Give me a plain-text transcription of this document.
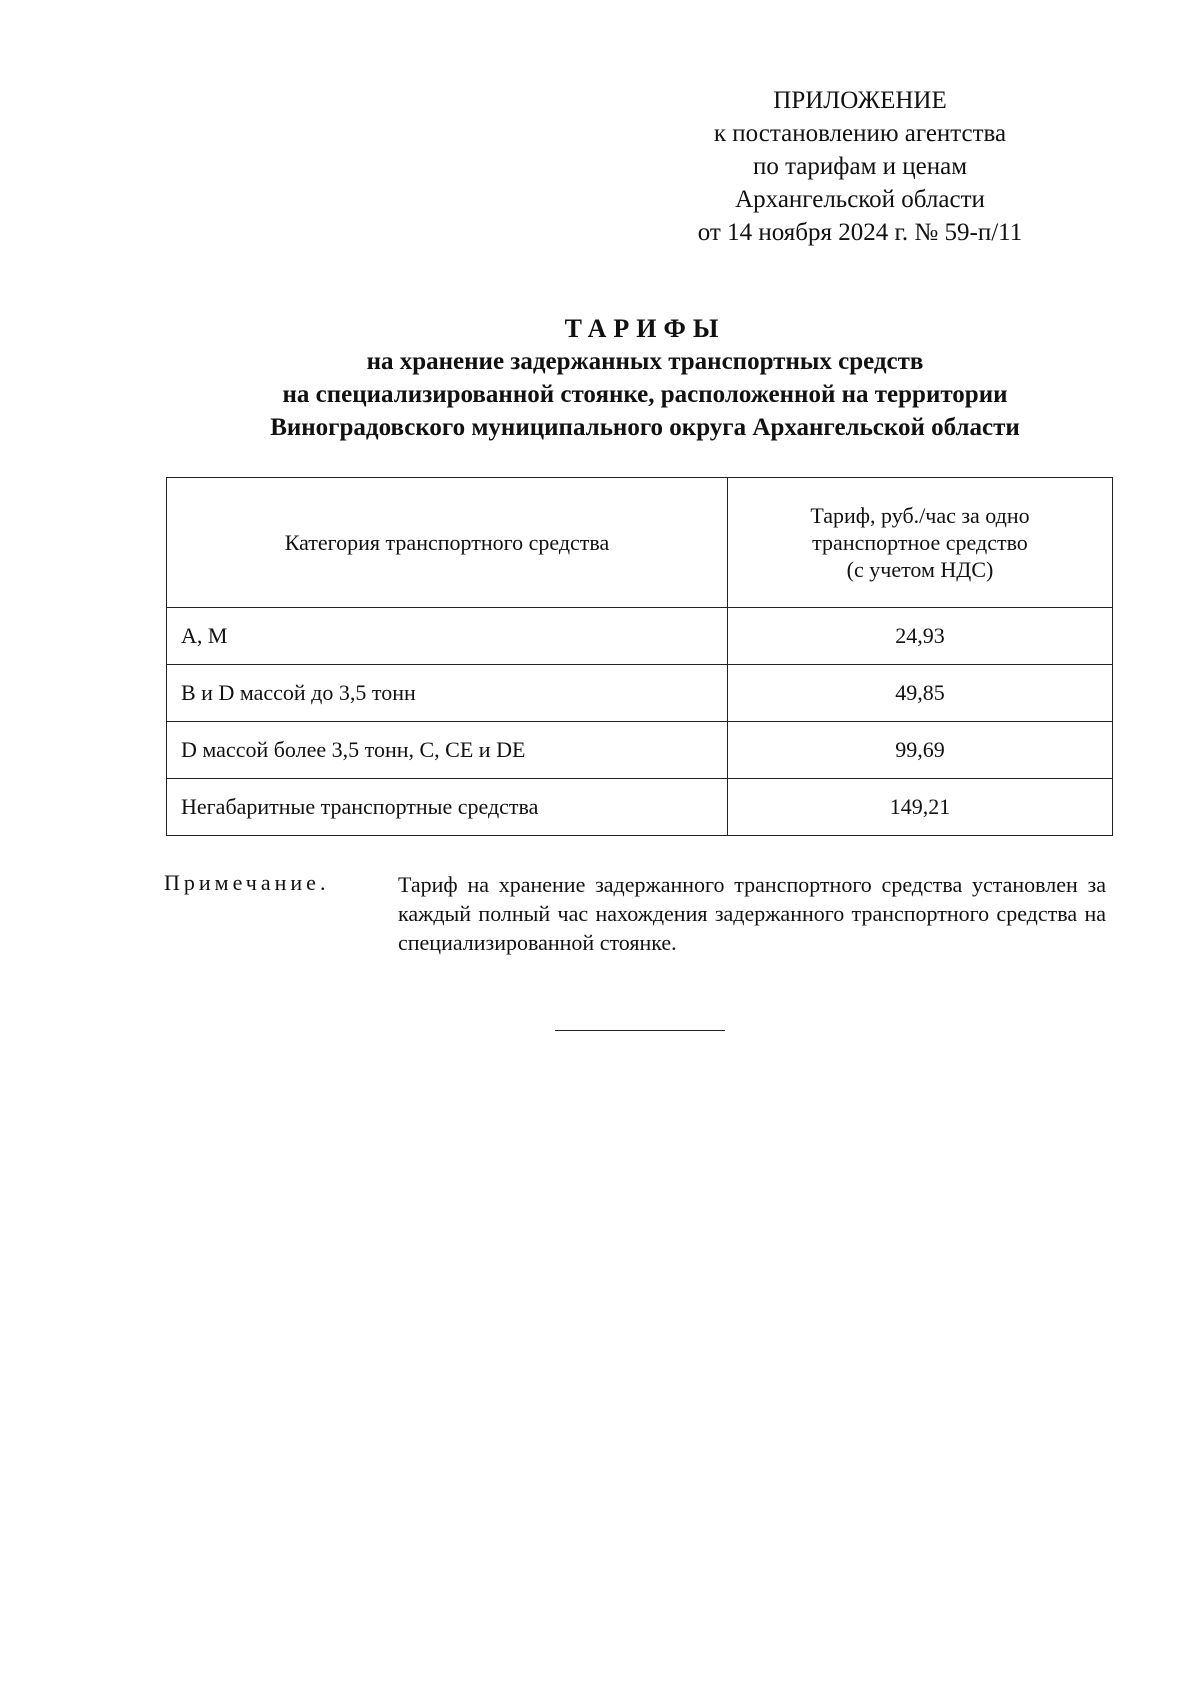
ПРИЛОЖЕНИЕ
к постановлению агентства
по тарифам и ценам
Архангельской области
от 14 ноября 2024 г. № 59-п/11
ТАРИФЫ
на хранение задержанных транспортных средств
на специализированной стоянке, расположенной на территории
Виноградовского муниципального округа Архангельской области
Категория транспортного средства	Тариф, руб./час за одно
транспортное средство
(с учетом НДС)

A, M	24,93
B и D массой до 3,5 тонн	49,85
D массой более 3,5 тонн, C, CE и DE	99,69
Негабаритные транспортные средства	149,21
Примечание.	Тариф на хранение задержанного транспортного средства установлен за каждый полный час нахождения задержанного транспортного средства на специализированной стоянке.
